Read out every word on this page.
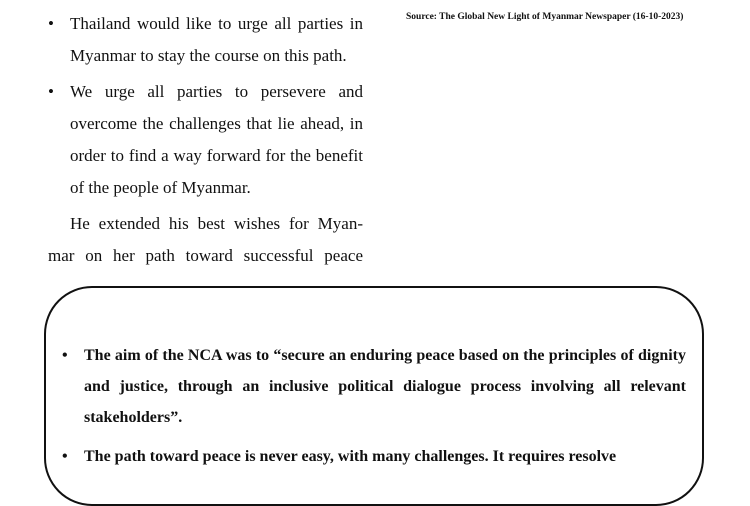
• Thailand would like to urge all parties in Myanmar to stay the course on this path.
• We urge all parties to persevere and overcome the challenges that lie ahead, in order to find a way forward for the benefit of the people of Myanmar.
He extended his best wishes for Myan- mar on her path toward successful peace
Source: The Global New Light of Myanmar Newspaper (16-10-2023)
• The aim of the NCA was to “secure an enduring peace based on the principles of dignity and justice, through an inclusive political dialogue process involving all relevant stakeholders”.
• The path toward peace is never easy, with many challenges. It requires resolve
